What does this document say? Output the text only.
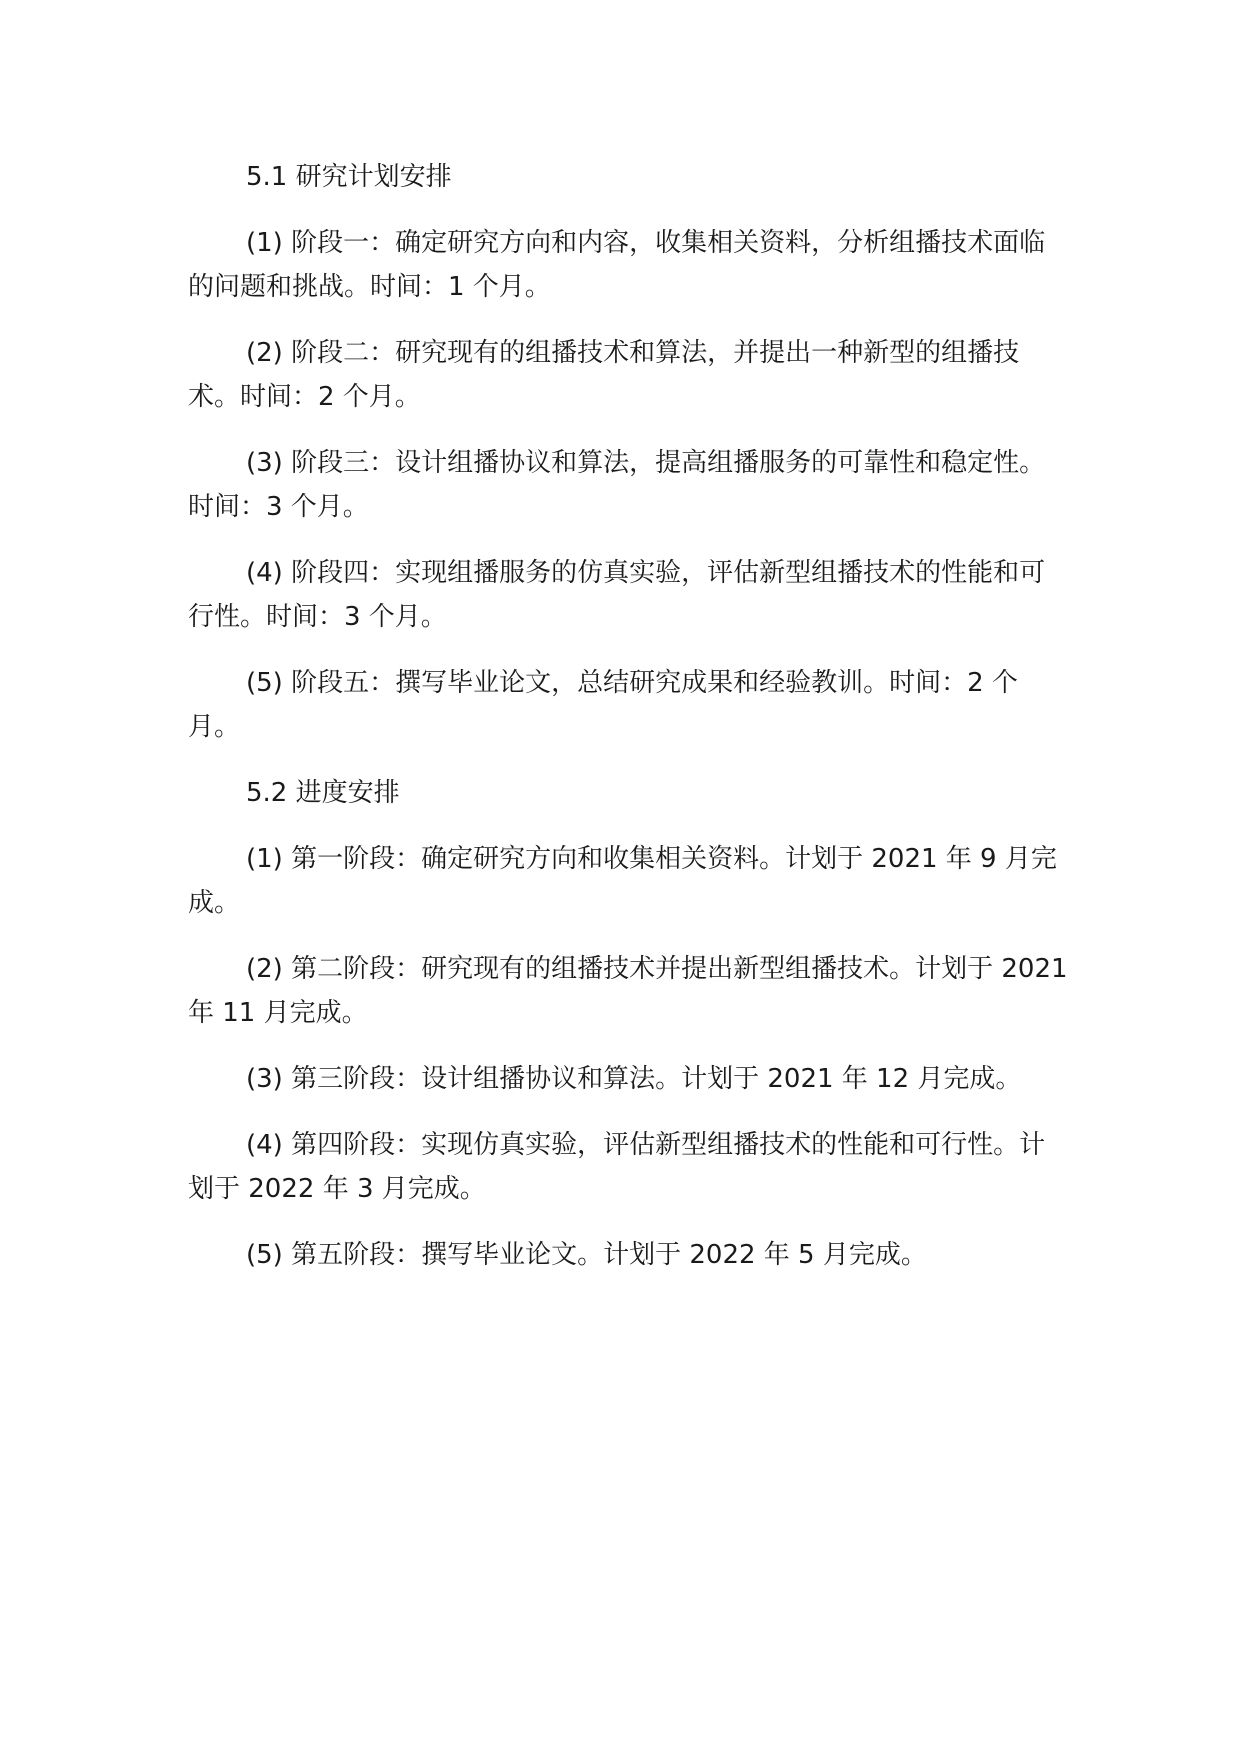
5.1 研究计划安排

(1) 阶段一：确定研究方向和内容，收集相关资料，分析组播技术面临的问题和挑战。时间：1 个月。

(2) 阶段二：研究现有的组播技术和算法，并提出一种新型的组播技术。时间：2 个月。

(3) 阶段三：设计组播协议和算法，提高组播服务的可靠性和稳定性。时间：3 个月。

(4) 阶段四：实现组播服务的仿真实验，评估新型组播技术的性能和可行性。时间：3 个月。

(5) 阶段五：撰写毕业论文，总结研究成果和经验教训。时间：2 个月。

5.2 进度安排

(1) 第一阶段：确定研究方向和收集相关资料。计划于 2021 年 9 月完成。

(2) 第二阶段：研究现有的组播技术并提出新型组播技术。计划于 2021 年 11 月完成。

(3) 第三阶段：设计组播协议和算法。计划于 2021 年 12 月完成。

(4) 第四阶段：实现仿真实验，评估新型组播技术的性能和可行性。计划于 2022 年 3 月完成。

(5) 第五阶段：撰写毕业论文。计划于 2022 年 5 月完成。
